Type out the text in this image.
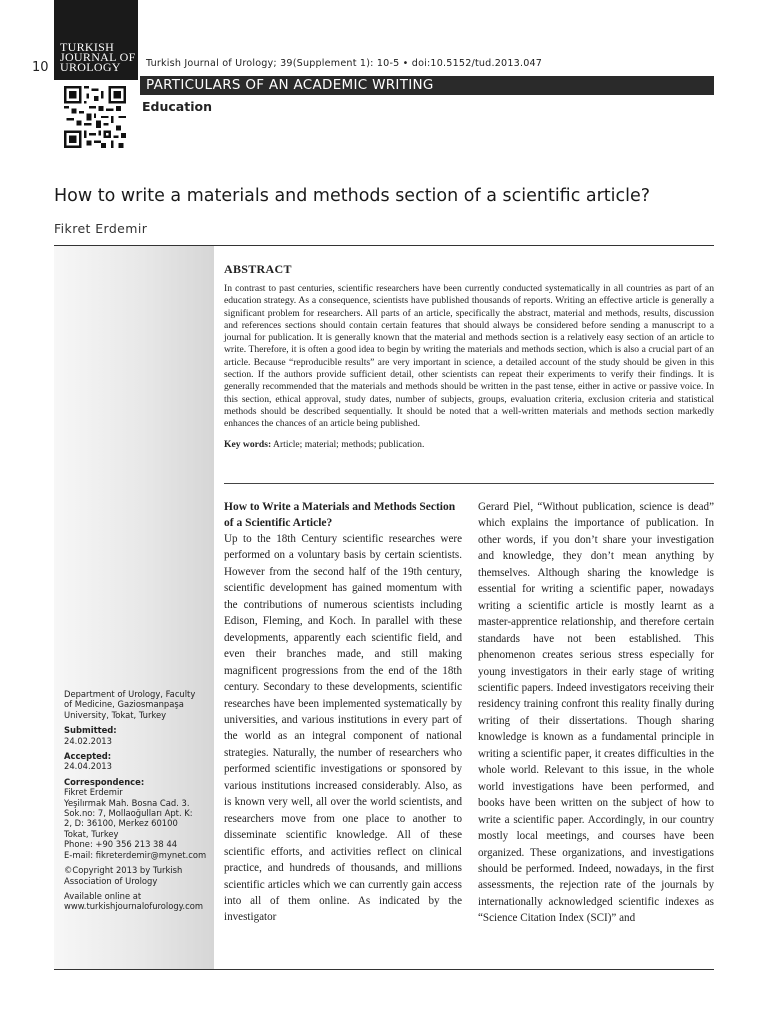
TURKISH
JOURNAL OF
UROLOGY
10	Turkish Journal of Urology; 39(Supplement 1): 10-5 • doi:10.5152/tud.2013.047
PARTICULARS OF AN ACADEMIC WRITING
Education
How to write a materials and methods section of a scientific article?
Fikret Erdemir
ABSTRACT
In contrast to past centuries, scientific researchers have been currently conducted systematically in all countries as part of an education strategy. As a consequence, scientists have published thousands of reports. Writing an effective article is generally a significant problem for researchers. All parts of an article, specifically the abstract, material and methods, results, discussion and references sections should contain certain features that should always be considered before sending a manuscript to a journal for publication. It is generally known that the material and methods section is a relatively easy section of an article to write. Therefore, it is often a good idea to begin by writing the materials and methods section, which is also a crucial part of an article. Because “reproducible results” are very important in science, a detailed account of the study should be given in this section. If the authors provide sufficient detail, other scientists can repeat their experiments to verify their findings. It is generally recommended that the materials and methods should be written in the past tense, either in active or passive voice. In this section, ethical approval, study dates, number of subjects, groups, evaluation criteria, exclusion criteria and statistical methods should be described sequentially. It should be noted that a well-written materials and methods section markedly enhances the chances of an article being published.
Key words: Article; material; methods; publication.
How to Write a Materials and Methods Section of a Scientific Article?
Up to the 18th Century scientific researches were performed on a voluntary basis by certain scientists. However from the second half of the 19th century, scientific development has gained momentum with the contributions of numerous scientists including Edison, Fleming, and Koch. In parallel with these developments, apparently each scientific field, and even their branches made, and still making magnificent progressions from the end of the 18th century. Secondary to these developments, scientific researches have been implemented systematically by universities, and various institutions in every part of the world as an integral component of national strategies. Naturally, the number of researchers who performed scientific investigations or sponsored by various institutions increased considerably. Also, as is known very well, all over the world scientists, and researchers move from one place to another to disseminate scientific knowledge. All of these scientific efforts, and activities reflect on clinical practice, and hundreds of thousands, and millions scientific articles which we can currently gain access into all of them online. As indicated by the investigator
Gerard Piel, “Without publication, science is dead” which explains the importance of publication. In other words, if you don’t share your investigation and knowledge, they don’t mean anything by themselves. Although sharing the knowledge is essential for writing a scientific paper, nowadays writing a scientific article is mostly learnt as a master-apprentice relationship, and therefore certain standards have not been established. This phenomenon creates serious stress especially for young investigators in their early stage of writing scientific papers. Indeed investigators receiving their residency training confront this reality finally during writing of their dissertations. Though sharing knowledge is known as a fundamental principle in writing a scientific paper, it creates difficulties in the whole world. Relevant to this issue, in the whole world investigations have been performed, and books have been written on the subject of how to write a scientific paper. Accordingly, in our country mostly local meetings, and courses have been organized. These organizations, and investigations should be performed. Indeed, nowadays, in the first assessments, the rejection rate of the journals by internationally acknowledged scientific indexes as “Science Citation Index (SCI)” and
Department of Urology, Faculty
of Medicine, Gaziosmanpaşa
University, Tokat, Turkey
Submitted:
24.02.2013
Accepted:
24.04.2013
Correspondence:
Fikret Erdemir
Yeşilırmak Mah. Bosna Cad. 3.
Sok.no: 7, Mollaoğulları Apt. K:
2, D: 36100, Merkez 60100
Tokat, Turkey
Phone: +90 356 213 38 44
E-mail: fikreterdemir@mynet.com
©Copyright 2013 by Turkish
Association of Urology
Available online at
www.turkishjournalofurology.com
